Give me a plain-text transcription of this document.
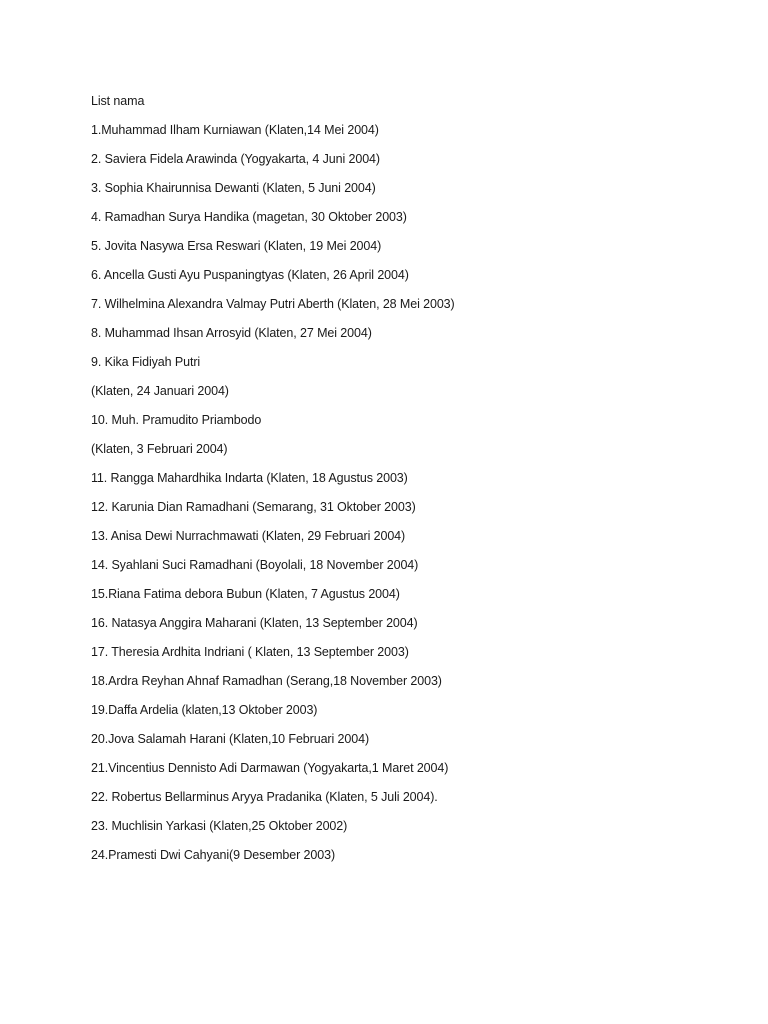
List nama
1.Muhammad Ilham Kurniawan (Klaten,14 Mei 2004)
2. Saviera Fidela Arawinda (Yogyakarta, 4 Juni 2004)
3. Sophia Khairunnisa Dewanti (Klaten, 5 Juni 2004)
4. Ramadhan Surya Handika (magetan, 30 Oktober 2003)
5. Jovita Nasywa Ersa Reswari (Klaten, 19 Mei 2004)
6. Ancella Gusti Ayu Puspaningtyas (Klaten, 26 April 2004)
7. Wilhelmina Alexandra Valmay Putri Aberth (Klaten, 28 Mei 2003)
8. Muhammad Ihsan Arrosyid (Klaten, 27 Mei 2004)
9. Kika Fidiyah Putri
(Klaten, 24 Januari 2004)
10. Muh. Pramudito Priambodo
(Klaten, 3 Februari 2004)
11. Rangga Mahardhika Indarta (Klaten, 18 Agustus 2003)
12. Karunia Dian Ramadhani (Semarang, 31 Oktober 2003)
13. Anisa Dewi Nurrachmawati (Klaten, 29 Februari 2004)
14. Syahlani Suci Ramadhani (Boyolali, 18 November 2004)
15.Riana Fatima debora Bubun (Klaten, 7 Agustus 2004)
16. Natasya Anggira Maharani (Klaten, 13 September 2004)
17. Theresia Ardhita Indriani ( Klaten, 13 September 2003)
18.Ardra Reyhan Ahnaf Ramadhan (Serang,18 November 2003)
19.Daffa Ardelia (klaten,13 Oktober 2003)
20.Jova Salamah Harani (Klaten,10 Februari 2004)
21.Vincentius Dennisto Adi Darmawan (Yogyakarta,1 Maret 2004)
22. Robertus Bellarminus Aryya Pradanika (Klaten, 5 Juli 2004).
23. Muchlisin Yarkasi (Klaten,25 Oktober 2002)
24.Pramesti Dwi Cahyani(9 Desember 2003)
